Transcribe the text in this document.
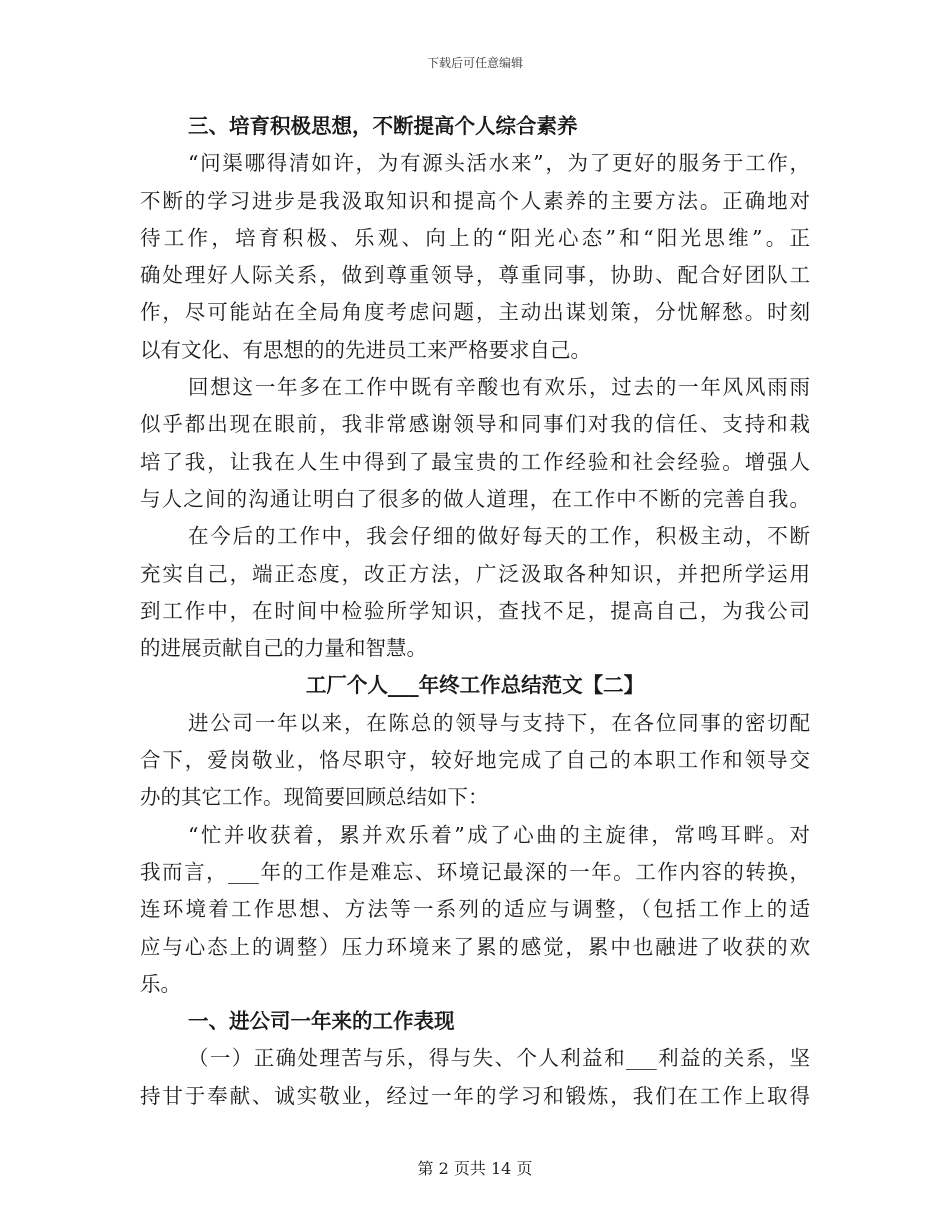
下载后可任意编辑
三、培育积极思想，不断提高个人综合素养
“问渠哪得清如许，为有源头活水来”，为了更好的服务于工作，
不断的学习进步是我汲取知识和提高个人素养的主要方法。正确地对
待工作，培育积极、乐观、向上的“阳光心态”和“阳光思维”。正
确处理好人际关系，做到尊重领导，尊重同事，协助、配合好团队工
作，尽可能站在全局角度考虑问题，主动出谋划策，分忧解愁。时刻
以有文化、有思想的的先进员工来严格要求自己。
回想这一年多在工作中既有辛酸也有欢乐，过去的一年风风雨雨
似乎都出现在眼前，我非常感谢领导和同事们对我的信任、支持和栽
培了我，让我在人生中得到了最宝贵的工作经验和社会经验。增强人
与人之间的沟通让明白了很多的做人道理，在工作中不断的完善自我。
在今后的工作中，我会仔细的做好每天的工作，积极主动，不断
充实自己，端正态度，改正方法，广泛汲取各种知识，并把所学运用
到工作中，在时间中检验所学知识，查找不足，提高自己，为我公司
的进展贡献自己的力量和智慧。
工厂个人___年终工作总结范文【二】
进公司一年以来，在陈总的领导与支持下，在各位同事的密切配
合下，爱岗敬业，恪尽职守，较好地完成了自己的本职工作和领导交
办的其它工作。现简要回顾总结如下：
“忙并收获着，累并欢乐着”成了心曲的主旋律，常鸣耳畔。对
我而言，___年的工作是难忘、环境记最深的一年。工作内容的转换，
连环境着工作思想、方法等一系列的适应与调整，（包括工作上的适
应与心态上的调整）压力环境来了累的感觉，累中也融进了收获的欢
乐。
一、进公司一年来的工作表现
（一）正确处理苦与乐，得与失、个人利益和___利益的关系，坚
持甘于奉献、诚实敬业，经过一年的学习和锻炼，我们在工作上取得
第 2 页共 14 页
